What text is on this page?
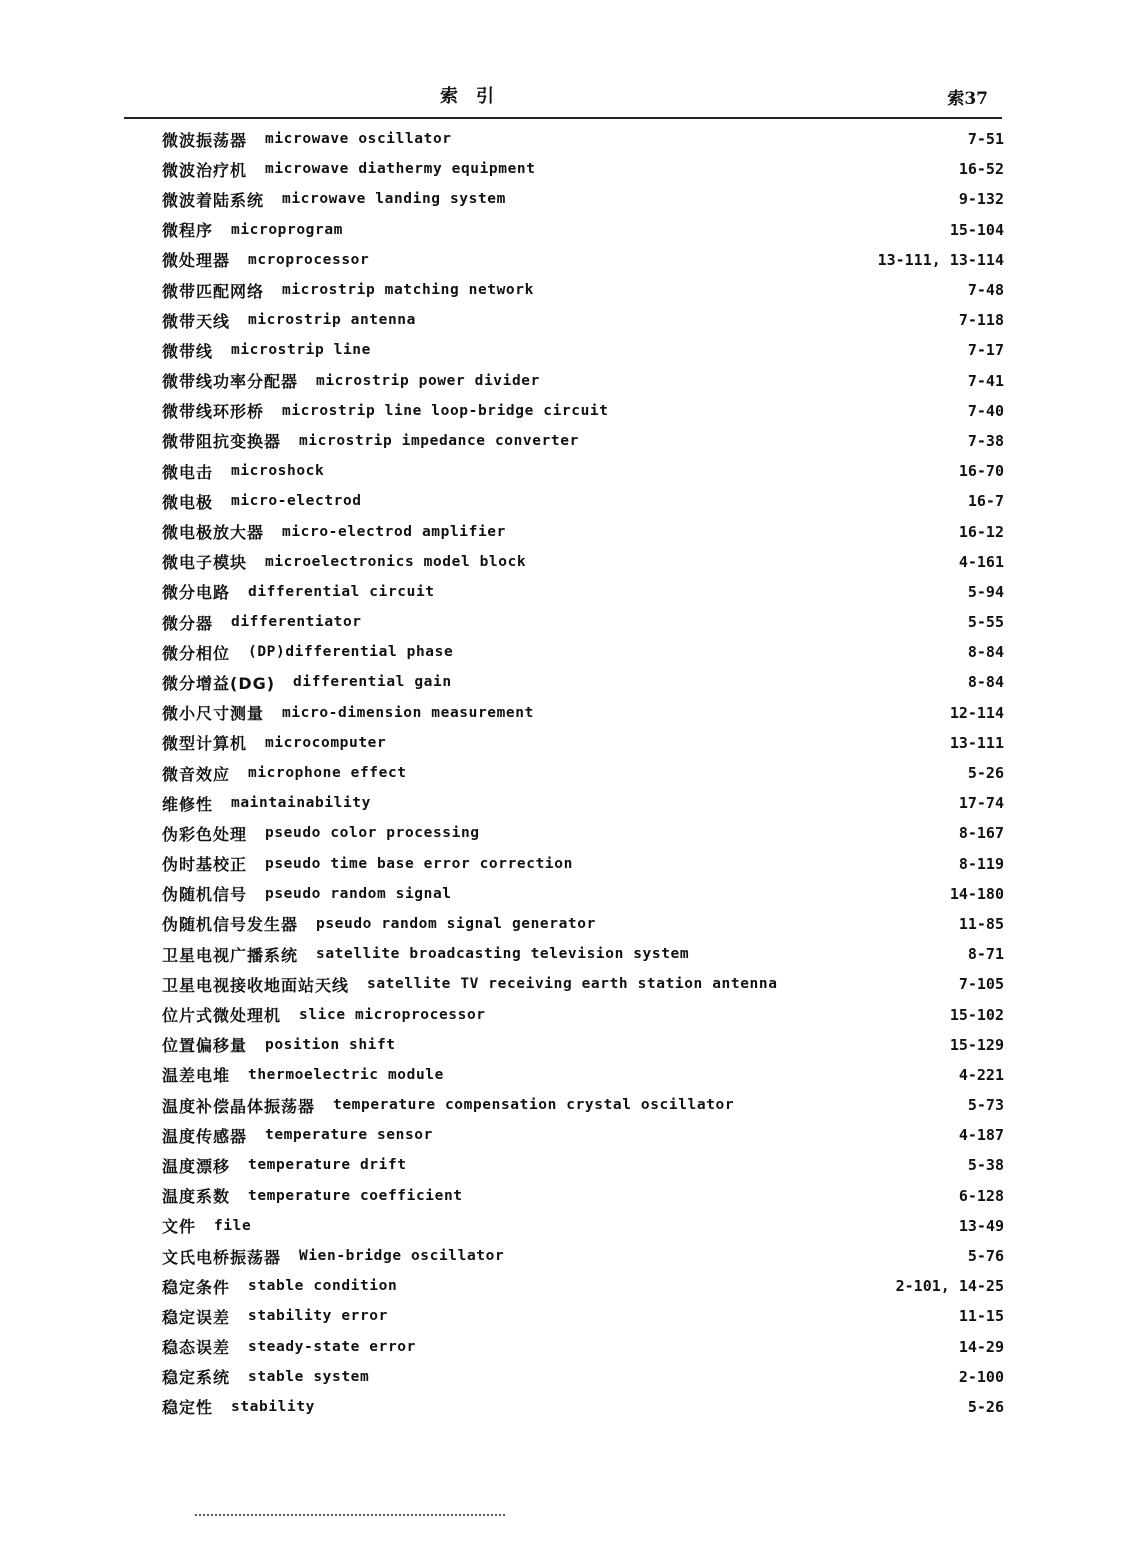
索　引	索37
微波振荡器 microwave oscillator	7-51
微波治疗机 microwave diathermy equipment	16-52
微波着陆系统 microwave landing system	9-132
微程序 microprogram	15-104
微处理器 mcroprocessor	13-111, 13-114
微带匹配网络 microstrip matching network	7-48
微带天线 microstrip antenna	7-118
微带线 microstrip line	7-17
微带线功率分配器 microstrip power divider	7-41
微带线环形桥 microstrip line loop-bridge circuit	7-40
微带阻抗变换器 microstrip impedance converter	7-38
微电击 microshock	16-70
微电极 micro-electrod	16-7
微电极放大器 micro-electrod amplifier	16-12
微电子模块 microelectronics model block	4-161
微分电路 differential circuit	5-94
微分器 differentiator	5-55
微分相位 (DP)differential phase	8-84
微分增益(DG) differential gain	8-84
微小尺寸测量 micro-dimension measurement	12-114
微型计算机 microcomputer	13-111
微音效应 microphone effect	5-26
维修性 maintainability	17-74
伪彩色处理 pseudo color processing	8-167
伪时基校正 pseudo time base error correction	8-119
伪随机信号 pseudo random signal	14-180
伪随机信号发生器 pseudo random signal generator	11-85
卫星电视广播系统 satellite broadcasting television system	8-71
卫星电视接收地面站天线 satellite TV receiving earth station antenna	7-105
位片式微处理机 slice microprocessor	15-102
位置偏移量 position shift	15-129
温差电堆 thermoelectric module	4-221
温度补偿晶体振荡器 temperature compensation crystal oscillator	5-73
温度传感器 temperature sensor	4-187
温度漂移 temperature drift	5-38
温度系数 temperature coefficient	6-128
文件 file	13-49
文氏电桥振荡器 Wien-bridge oscillator	5-76
稳定条件 stable condition	2-101, 14-25
稳定误差 stability error	11-15
稳态误差 steady-state error	14-29
稳定系统 stable system	2-100
稳定性 stability	5-26
